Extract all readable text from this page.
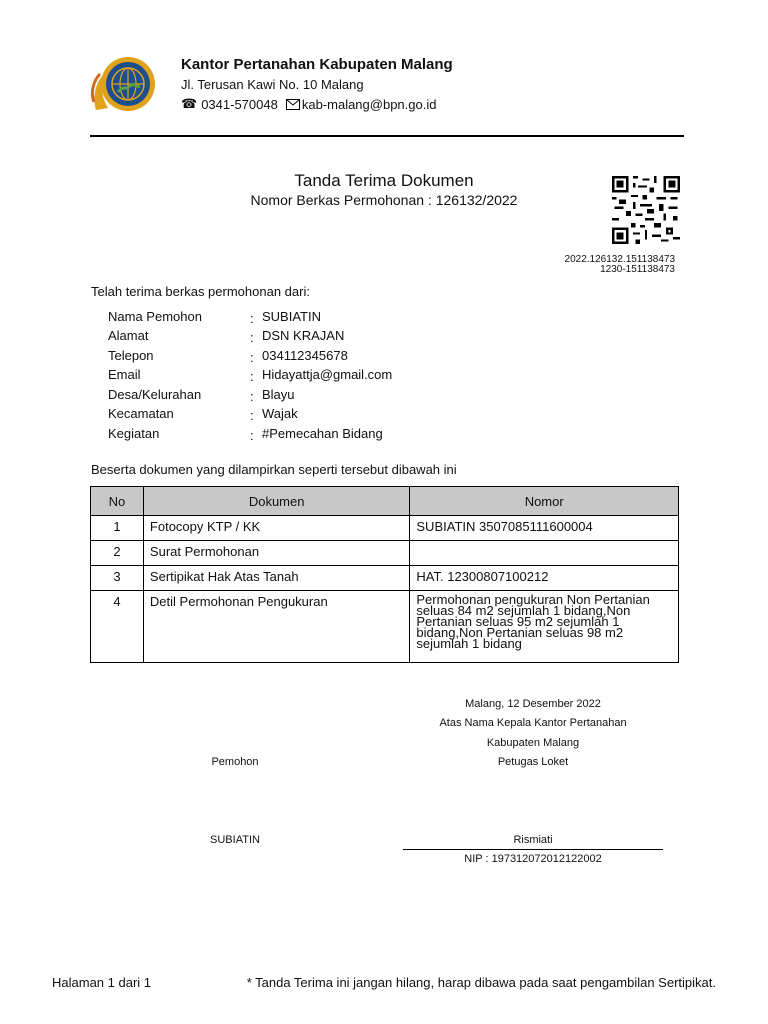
Kantor Pertanahan Kabupaten Malang
Jl. Terusan Kawi No. 10 Malang
☎ 0341-570048 kab-malang@bpn.go.id
Tanda Terima Dokumen
Nomor Berkas Permohonan : 126132/2022
2022.126132.151138473
1230-151138473
Telah terima berkas permohonan dari:
Nama Pemohon	: SUBIATIN
Alamat	: DSN KRAJAN
Telepon	: 034112345678
Email	: Hidayattja@gmail.com
Desa/Kelurahan	: Blayu
Kecamatan	: Wajak
Kegiatan	: #Pemecahan Bidang
Beserta dokumen yang dilampirkan seperti tersebut dibawah ini
No	Dokumen	Nomor
1	Fotocopy KTP / KK	SUBIATIN 3507085111600004
2	Surat Permohonan	
3	Sertipikat Hak Atas Tanah	HAT. 12300807100212
4	Detil Permohonan Pengukuran	Permohonan pengukuran Non Pertanian seluas 84 m2 sejumlah 1 bidang,Non Pertanian seluas 95 m2 sejumlah 1 bidang,Non Pertanian seluas 98 m2 sejumlah 1 bidang
Malang, 12 Desember 2022
Atas Nama Kepala Kantor Pertanahan
Kabupaten Malang
Petugas Loket
Pemohon
SUBIATIN	Rismiati
NIP : 197312072012122002
Halaman 1 dari 1	* Tanda Terima ini jangan hilang, harap dibawa pada saat pengambilan Sertipikat.
